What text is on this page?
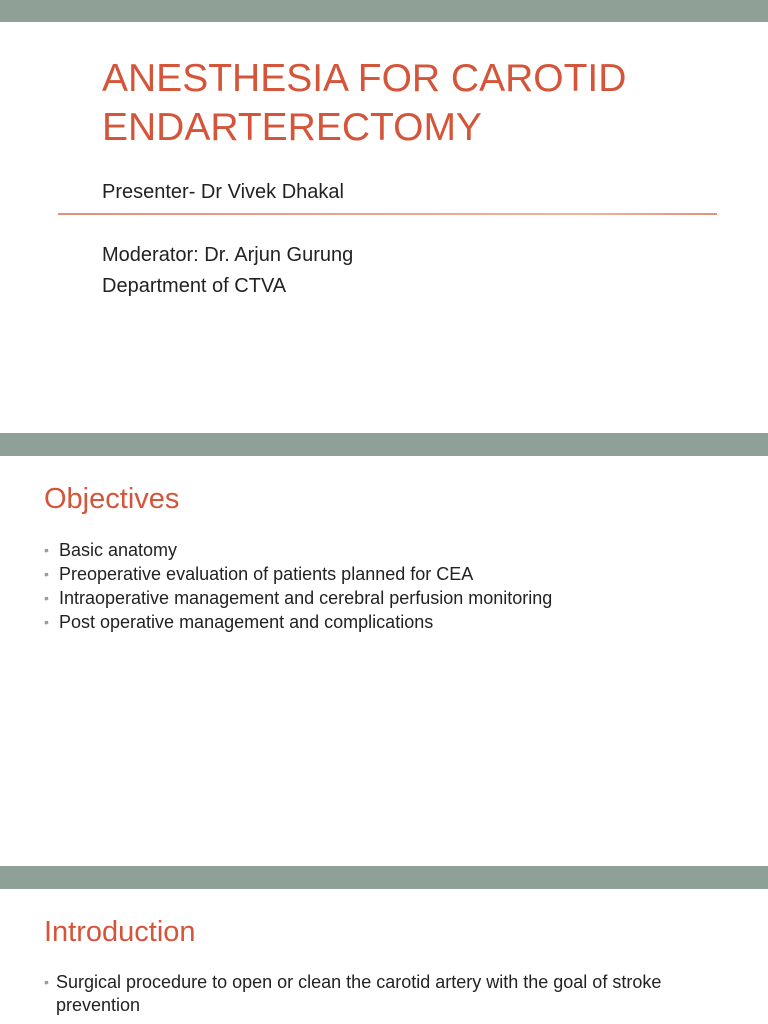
ANESTHESIA FOR CAROTID ENDARTERECTOMY

Presenter- Dr Vivek Dhakal

Moderator: Dr. Arjun Gurung

Department of CTVA

Objectives
• Basic anatomy
• Preoperative evaluation of patients planned for CEA
• Intraoperative management and cerebral perfusion monitoring
• Post operative management and complications
Introduction
• Surgical procedure to open or clean the carotid artery with the goal of stroke prevention
